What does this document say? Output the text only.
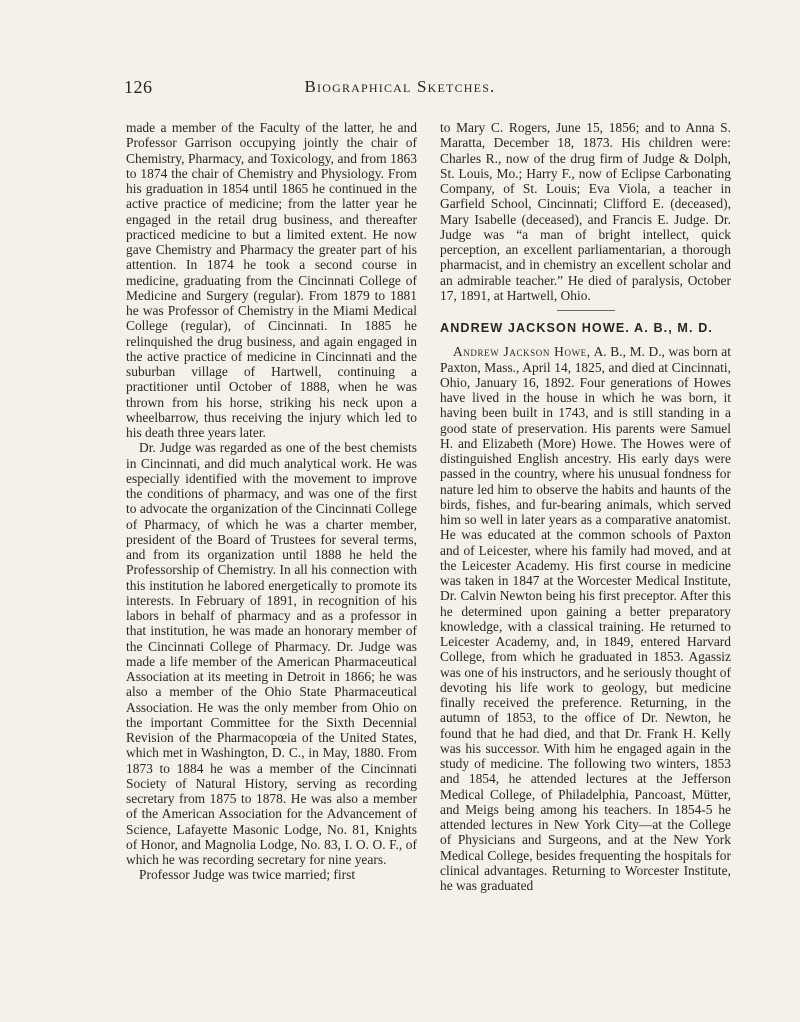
126	Biographical Sketches.

made a member of the Faculty of the latter, he and Professor Garrison occupying jointly the chair of Chemistry, Pharmacy, and Toxicology, and from 1863 to 1874 the chair of Chemistry and Physiology. From his graduation in 1854 until 1865 he continued in the active practice of medicine; from the latter year he engaged in the retail drug business, and thereafter practiced medicine to but a limited extent. He now gave Chemistry and Pharmacy the greater part of his attention. In 1874 he took a second course in medicine, graduating from the Cincinnati College of Medicine and Surgery (regular). From 1879 to 1881 he was Professor of Chemistry in the Miami Medical College (regular), of Cincinnati. In 1885 he relinquished the drug business, and again engaged in the active practice of medicine in Cincinnati and the suburban village of Hartwell, continuing a practitioner until October of 1888, when he was thrown from his horse, striking his neck upon a wheelbarrow, thus receiving the injury which led to his death three years later.

Dr. Judge was regarded as one of the best chemists in Cincinnati, and did much analytical work. He was especially identified with the movement to improve the conditions of pharmacy, and was one of the first to advocate the organization of the Cincinnati College of Pharmacy, of which he was a charter member, president of the Board of Trustees for several terms, and from its organization until 1888 he held the Professorship of Chemistry. In all his connection with this institution he labored energetically to promote its interests. In February of 1891, in recognition of his labors in behalf of pharmacy and as a professor in that institution, he was made an honorary member of the Cincinnati College of Pharmacy. Dr. Judge was made a life member of the American Pharmaceutical Association at its meeting in Detroit in 1866; he was also a member of the Ohio State Pharmaceutical Association. He was the only member from Ohio on the important Committee for the Sixth Decennial Revision of the Pharmacopœia of the United States, which met in Washington, D. C., in May, 1880. From 1873 to 1884 he was a member of the Cincinnati Society of Natural History, serving as recording secretary from 1875 to 1878. He was also a member of the American Association for the Advancement of Science, Lafayette Masonic Lodge, No. 81, Knights of Honor, and Magnolia Lodge, No. 83, I. O. O. F., of which he was recording secretary for nine years.

Professor Judge was twice married; first

to Mary C. Rogers, June 15, 1856; and to Anna S. Maratta, December 18, 1873. His children were: Charles R., now of the drug firm of Judge & Dolph, St. Louis, Mo.; Harry F., now of Eclipse Carbonating Company, of St. Louis; Eva Viola, a teacher in Garfield School, Cincinnati; Clifford E. (deceased), Mary Isabelle (deceased), and Francis E. Judge. Dr. Judge was “a man of bright intellect, quick perception, an excellent parliamentarian, a thorough pharmacist, and in chemistry an excellent scholar and an admirable teacher.” He died of paralysis, October 17, 1891, at Hartwell, Ohio.

ANDREW JACKSON HOWE. A. B., M. D.

Andrew Jackson Howe, A. B., M. D., was born at Paxton, Mass., April 14, 1825, and died at Cincinnati, Ohio, January 16, 1892. Four generations of Howes have lived in the house in which he was born, it having been built in 1743, and is still standing in a good state of preservation. His parents were Samuel H. and Elizabeth (More) Howe. The Howes were of distinguished English ancestry. His early days were passed in the country, where his unusual fondness for nature led him to observe the habits and haunts of the birds, fishes, and fur-bearing animals, which served him so well in later years as a comparative anatomist. He was educated at the common schools of Paxton and of Leicester, where his family had moved, and at the Leicester Academy. His first course in medicine was taken in 1847 at the Worcester Medical Institute, Dr. Calvin Newton being his first preceptor. After this he determined upon gaining a better preparatory knowledge, with a classical training. He returned to Leicester Academy, and, in 1849, entered Harvard College, from which he graduated in 1853. Agassiz was one of his instructors, and he seriously thought of devoting his life work to geology, but medicine finally received the preference. Returning, in the autumn of 1853, to the office of Dr. Newton, he found that he had died, and that Dr. Frank H. Kelly was his successor. With him he engaged again in the study of medicine. The following two winters, 1853 and 1854, he attended lectures at the Jefferson Medical College, of Philadelphia, Pancoast, Mütter, and Meigs being among his teachers. In 1854-5 he attended lectures in New York City—at the College of Physicians and Surgeons, and at the New York Medical College, besides frequenting the hospitals for clinical advantages. Returning to Worcester Institute, he was graduated
